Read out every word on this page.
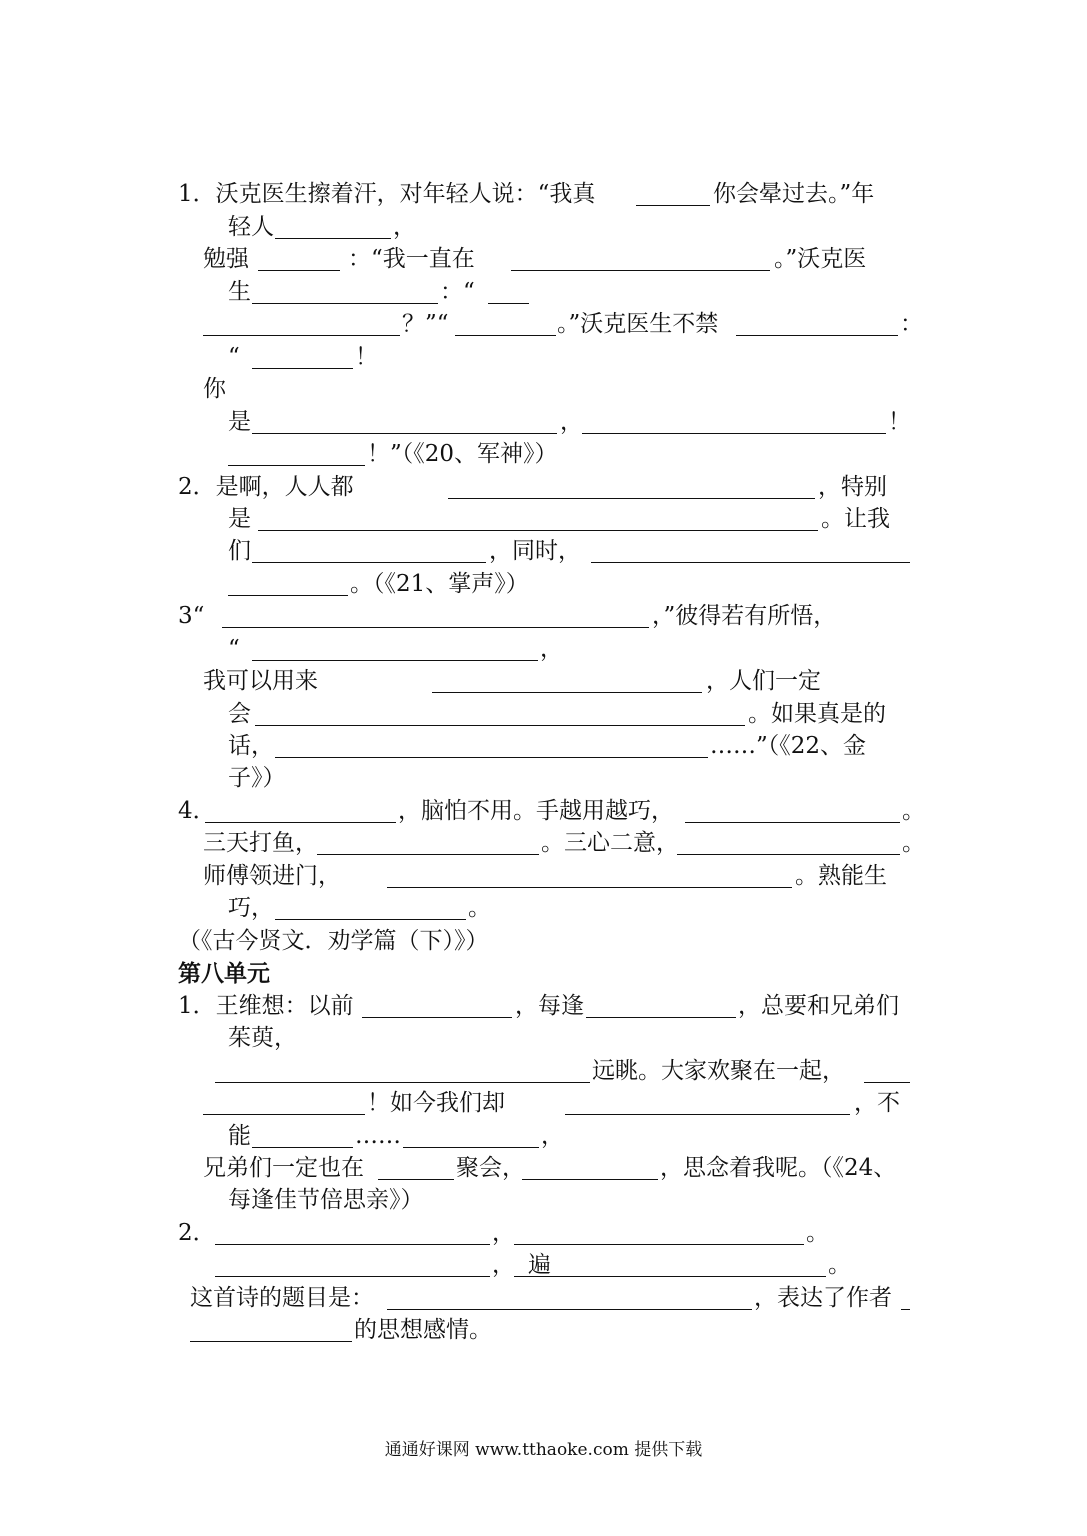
1．沃克医生擦着汗，对年轻人说：“我真	你会晕过去。”年
轻人	，
勉强	：“我一直在	。”沃克医
生	：“
？”“	。”沃克医生不禁	：
“	！
你
是	，	！
！”（《20、军神》）
2．是啊，人人都	，特别
是	。让我
们	，同时，
。（《21、掌声》）
3“	，”彼得若有所悟，
“	，
我可以用来	，人们一定
会	。如果真是的
话，	……”（《22、金
子》）
4．	，脑怕不用。手越用越巧，	。
三天打鱼，	。三心二意，	。
师傅领进门，	。熟能生
巧，	。
（《古今贤文．劝学篇（下）》）
第八单元
1．王维想：以前	，每逢	，总要和兄弟们
茱萸，
远眺。大家欢聚在一起，
！如今我们却	，不
能	……	，
兄弟们一定也在	聚会，	，思念着我呢。（《24、
每逢佳节倍思亲》）
2．	，	。
， 遍	。
这首诗的题目是：	，表达了作者
的思想感情。
通通好课网 www.tthaoke.com 提供下载
